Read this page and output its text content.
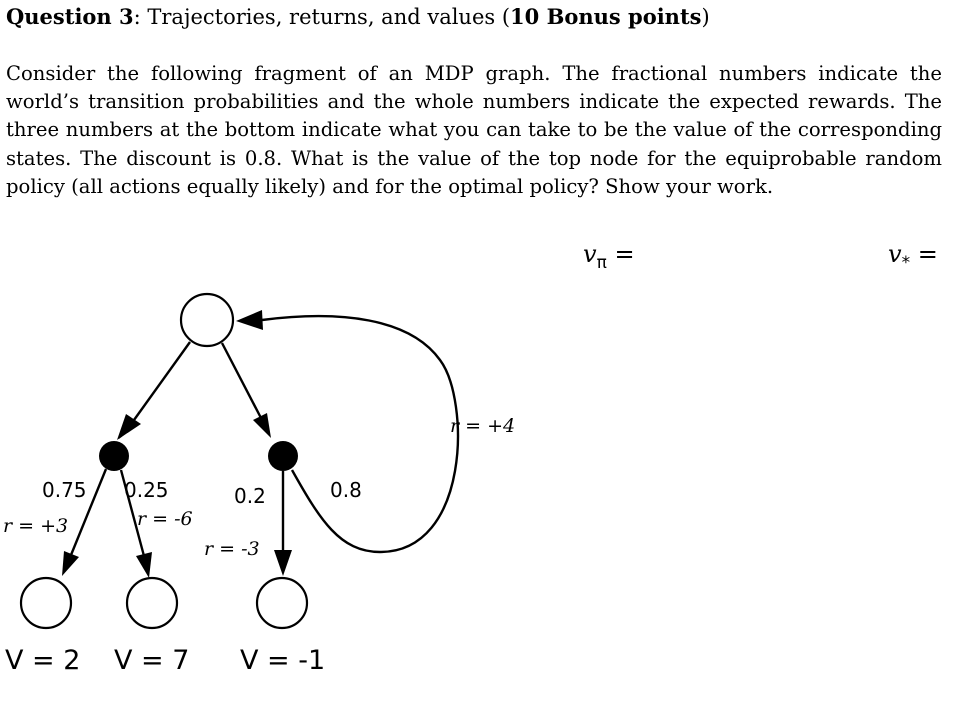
Question 3: Trajectories, returns, and values (10 Bonus points)
Consider the following fragment of an MDP graph. The fractional numbers indicate the world’s transition probabilities and the whole numbers indicate the expected rewards. The three numbers at the bottom indicate what you can take to be the value of the corresponding states. The discount is 0.8. What is the value of the top node for the equiprobable random policy (all actions equally likely) and for the optimal policy? Show your work.
$v_\pi$ =	$v_*$ =
0.75 0.25	0.2	0.8
r = +3	r = -6
r = -3
r = +4
V = 2 V = 7 V = -1
